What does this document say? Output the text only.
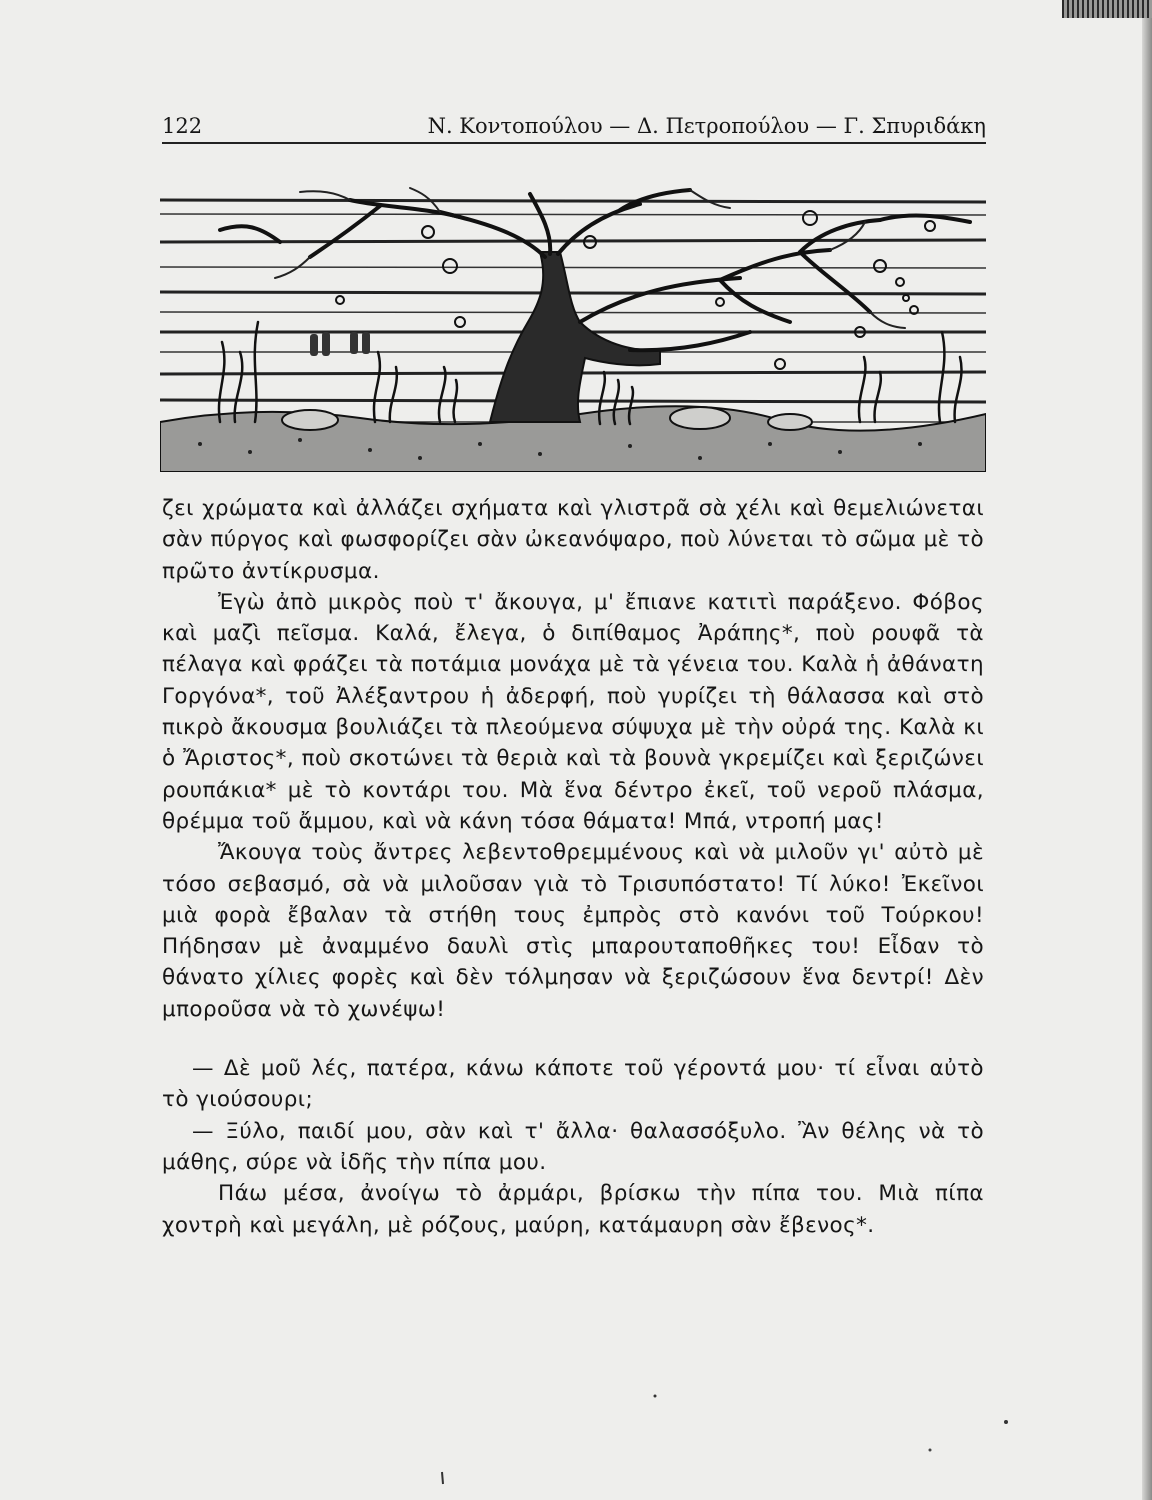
122	Ν. Κοντοπούλου — Δ. Πετροπούλου — Γ. Σπυριδάκη

ζει χρώματα καὶ ἀλλάζει σχήματα καὶ γλιστρᾶ σὰ χέλι καὶ θεμελιώνεται σὰν πύργος καὶ φωσφορίζει σὰν ὠκεανόψαρο, ποὺ λύνεται τὸ σῶμα μὲ τὸ πρῶτο ἀντίκρυσμα.

Ἐγὼ ἀπὸ μικρὸς ποὺ τ' ἄκουγα, μ' ἔπιανε κατιτὶ παράξενο. Φόβος καὶ μαζὶ πεῖσμα. Καλά, ἔλεγα, ὁ διπίθαμος Ἀράπης*, ποὺ ρουφᾶ τὰ πέλαγα καὶ φράζει τὰ ποτάμια μονάχα μὲ τὰ γένεια του. Καλὰ ἡ ἀθάνατη Γοργόνα*, τοῦ Ἀλέξαντρου ἡ ἀδερφή, ποὺ γυρίζει τὴ θάλασσα καὶ στὸ πικρὸ ἄκουσμα βουλιάζει τὰ πλεούμενα σύψυχα μὲ τὴν οὐρά της. Καλὰ κι ὁ Ἄριστος*, ποὺ σκοτώνει τὰ θεριὰ καὶ τὰ βουνὰ γκρεμίζει καὶ ξεριζώνει ρουπάκια* μὲ τὸ κοντάρι του. Μὰ ἕνα δέντρο ἐκεῖ, τοῦ νεροῦ πλάσμα, θρέμμα τοῦ ἄμμου, καὶ νὰ κάνη τόσα θάματα! Μπά, ντροπή μας!

Ἄκουγα τοὺς ἄντρες λεβεντοθρεμμένους καὶ νὰ μιλοῦν γι' αὐτὸ μὲ τόσο σεβασμό, σὰ νὰ μιλοῦσαν γιὰ τὸ Τρισυπόστατο! Τί λύκο! Ἐκεῖνοι μιὰ φορὰ ἔβαλαν τὰ στήθη τους ἐμπρὸς στὸ κανόνι τοῦ Τούρκου! Πήδησαν μὲ ἀναμμένο δαυλὶ στὶς μπαρουταποθῆκες του! Εἶδαν τὸ θάνατο χίλιες φορὲς καὶ δὲν τόλμησαν νὰ ξεριζώσουν ἕνα δεντρί! Δὲν μποροῦσα νὰ τὸ χωνέψω!

— Δὲ μοῦ λές, πατέρα, κάνω κάποτε τοῦ γέροντά μου· τί εἶναι αὐτὸ τὸ γιούσουρι;

— Ξύλο, παιδί μου, σὰν καὶ τ' ἄλλα· θαλασσόξυλο. Ἂν θέλης νὰ τὸ μάθης, σύρε νὰ ἰδῆς τὴν πίπα μου.

Πάω μέσα, ἀνοίγω τὸ ἀρμάρι, βρίσκω τὴν πίπα του. Μιὰ πίπα χοντρὴ καὶ μεγάλη, μὲ ρόζους, μαύρη, κατάμαυρη σὰν ἔβενος*.
